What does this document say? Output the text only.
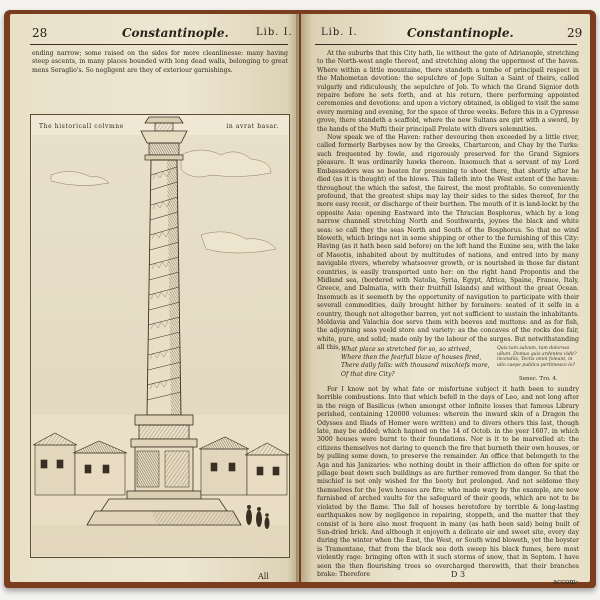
28	Constantinople.	Lib. I.

ending narrow; some raised on the sides for more cleanlinesse: many having steep ascents, in many places bounded with long dead walls, belonging to great mens Seraglio's. So negligent are they of exteriour garnishings.

The historicall colvmne	in avrat basar.
All
Lib. I.	Constantinople.	29

At the suburbs that this City hath, lie without the gate of Adrianople, stretching to the North-west angle thereof, and stretching along the uppermost of the haven. Where within a little mountaine, there standeth a tombe of principall respect in the Mahometan devotion: the sepulchre of Jope Sultan a Saint of theirs, called vulgarly and ridiculously, the sepulchre of Job. To which the Grand Signior doth repaire before he sets forth, and at his return, there performing appointed ceremonies and devotions: and upon a victory obtained, is obliged to visit the same every morning and evening, for the space of three weeks. Before this in a Cypresse grove, there standeth a scaffold, where the new Sultans are girt with a sword, by the hands of the Mufti their principall Prelate with divers solemnities.

Now speak we of the Haven: rather devouring then exceeded by a little river, called formerly Barbyses now by the Greeks, Chartarcon, and Chay by the Turks: such frequented by fowle, and rigorously preserved for the Grand Signiors pleasure. It was ordinarily hawks thereon. Insomuch that a servant of my Lord Embassadors was so beaten for presuming to shoot there, that shortly after he died (as it is thought) of the blows. This falleth into the West extent of the haven: throughout the which the safest, the fairest, the most profitable. So conveniently profound, that the greatest ships may lay their sides to the sides thereof, for the more easy receit, or discharge of their burthen. The mouth of it is land-lockt by the opposite Asia: opening Eastward into the Thracian Bosphorus, which by a long narrow channell stretching North and Southwards, joynes the black and white seas: so call they the seas North and South of the Bosphorus. So that no wind bloweth, which brings not in some shipping or other to the furnishing of this City: Having (as it hath been said before) on the left hand the Euxine sea, with the lake of Maeotis, inhabited about by multitudes of nations, and entred into by many navigable rivers, whereby whatsoever growth, or is nourished in those far distant countries, is easily transported unto her: on the right hand Propontis and the Midland sea, (bordered with Natolia, Syria, Egypt, Africa, Spaine, France, Italy, Greece, and Dalmatia, with their fruitfull Islands) and without the great Ocean. Insomuch as it seemeth by the opportunity of navigation to participate with their severall commodities, daily brought hither by forainers: seated of it selfe in a country, though not altogether barren, yet not sufficient to sustain the inhabitants. Moldavia and Valachia doe serve them with beeves and muttons: and as for fish, the adjoyning seas yeeld store and variety: as the concaves of the rocks doe fair, white, pure, and solid; made only by the labour of the surges. But notwithstanding all this, What place so stretched for so, so strived,
Where then the fearfull blaze of houses fired,
There daily falls: with thousand mischiefs more,
Of that dire City?
Quis tam salvum, tam doloroso ullum. Domus quis ardentes vidit? incendiis, Tectis omni foleant, in ullo caepe publica pertimesco lo?
Senec. Tro. 4.

For I know not by what fate or misfortune subject it hath been to sundry horrible combustions. Into that which befell in the days of Leo, and not long after in the reign of Basilicus (when amongst other infinite losses that famous Library perished, containing 120000 volumes: wherein the inward skin of a Dragon the Odysses and Iliads of Homer were written) and to divers others this last, though late, may be added; which hapned on the 14 of Octob. in the yeer 1607. in which 3000 houses were burnt to their foundations. Nor is it to be marvelled at: the citizens themselves not daring to quench the fire that burneth their own houses, or by pulling some down, to preserve the remainder. An office that belongeth to the Aga and his Janizaries: who nothing doubt in their affliction do often for spite or pillage beat down such buildings as are further removed from danger. So that the mischief is not only wished for the booty but prolonged. And not seldome they themselves for the Jews houses are fire: who made wary by the example, are now furnished of arched vaults for the safeguard of their goods, which are not to be violated by the flame. The fall of houses heretofore by terrible & long-lasting earthquakes now by negligence in repairing, stoppeth, and the matter that they consist of is here also most frequent in many (as hath been said) being built of Sun-dried brick. And although it enjoyeth a delicate air and sweet site, every day during the winter when the East, the West, or South wind bloweth, yet the boyster is Tramontane, that from the black sea doth sweep his black fumes, here most violently rage: bringing often with it such storms of snow, that in Septem. I have seen the then flourishing trees so overcharged therewith, that their branches brake: Therefore	D 3
accom-
